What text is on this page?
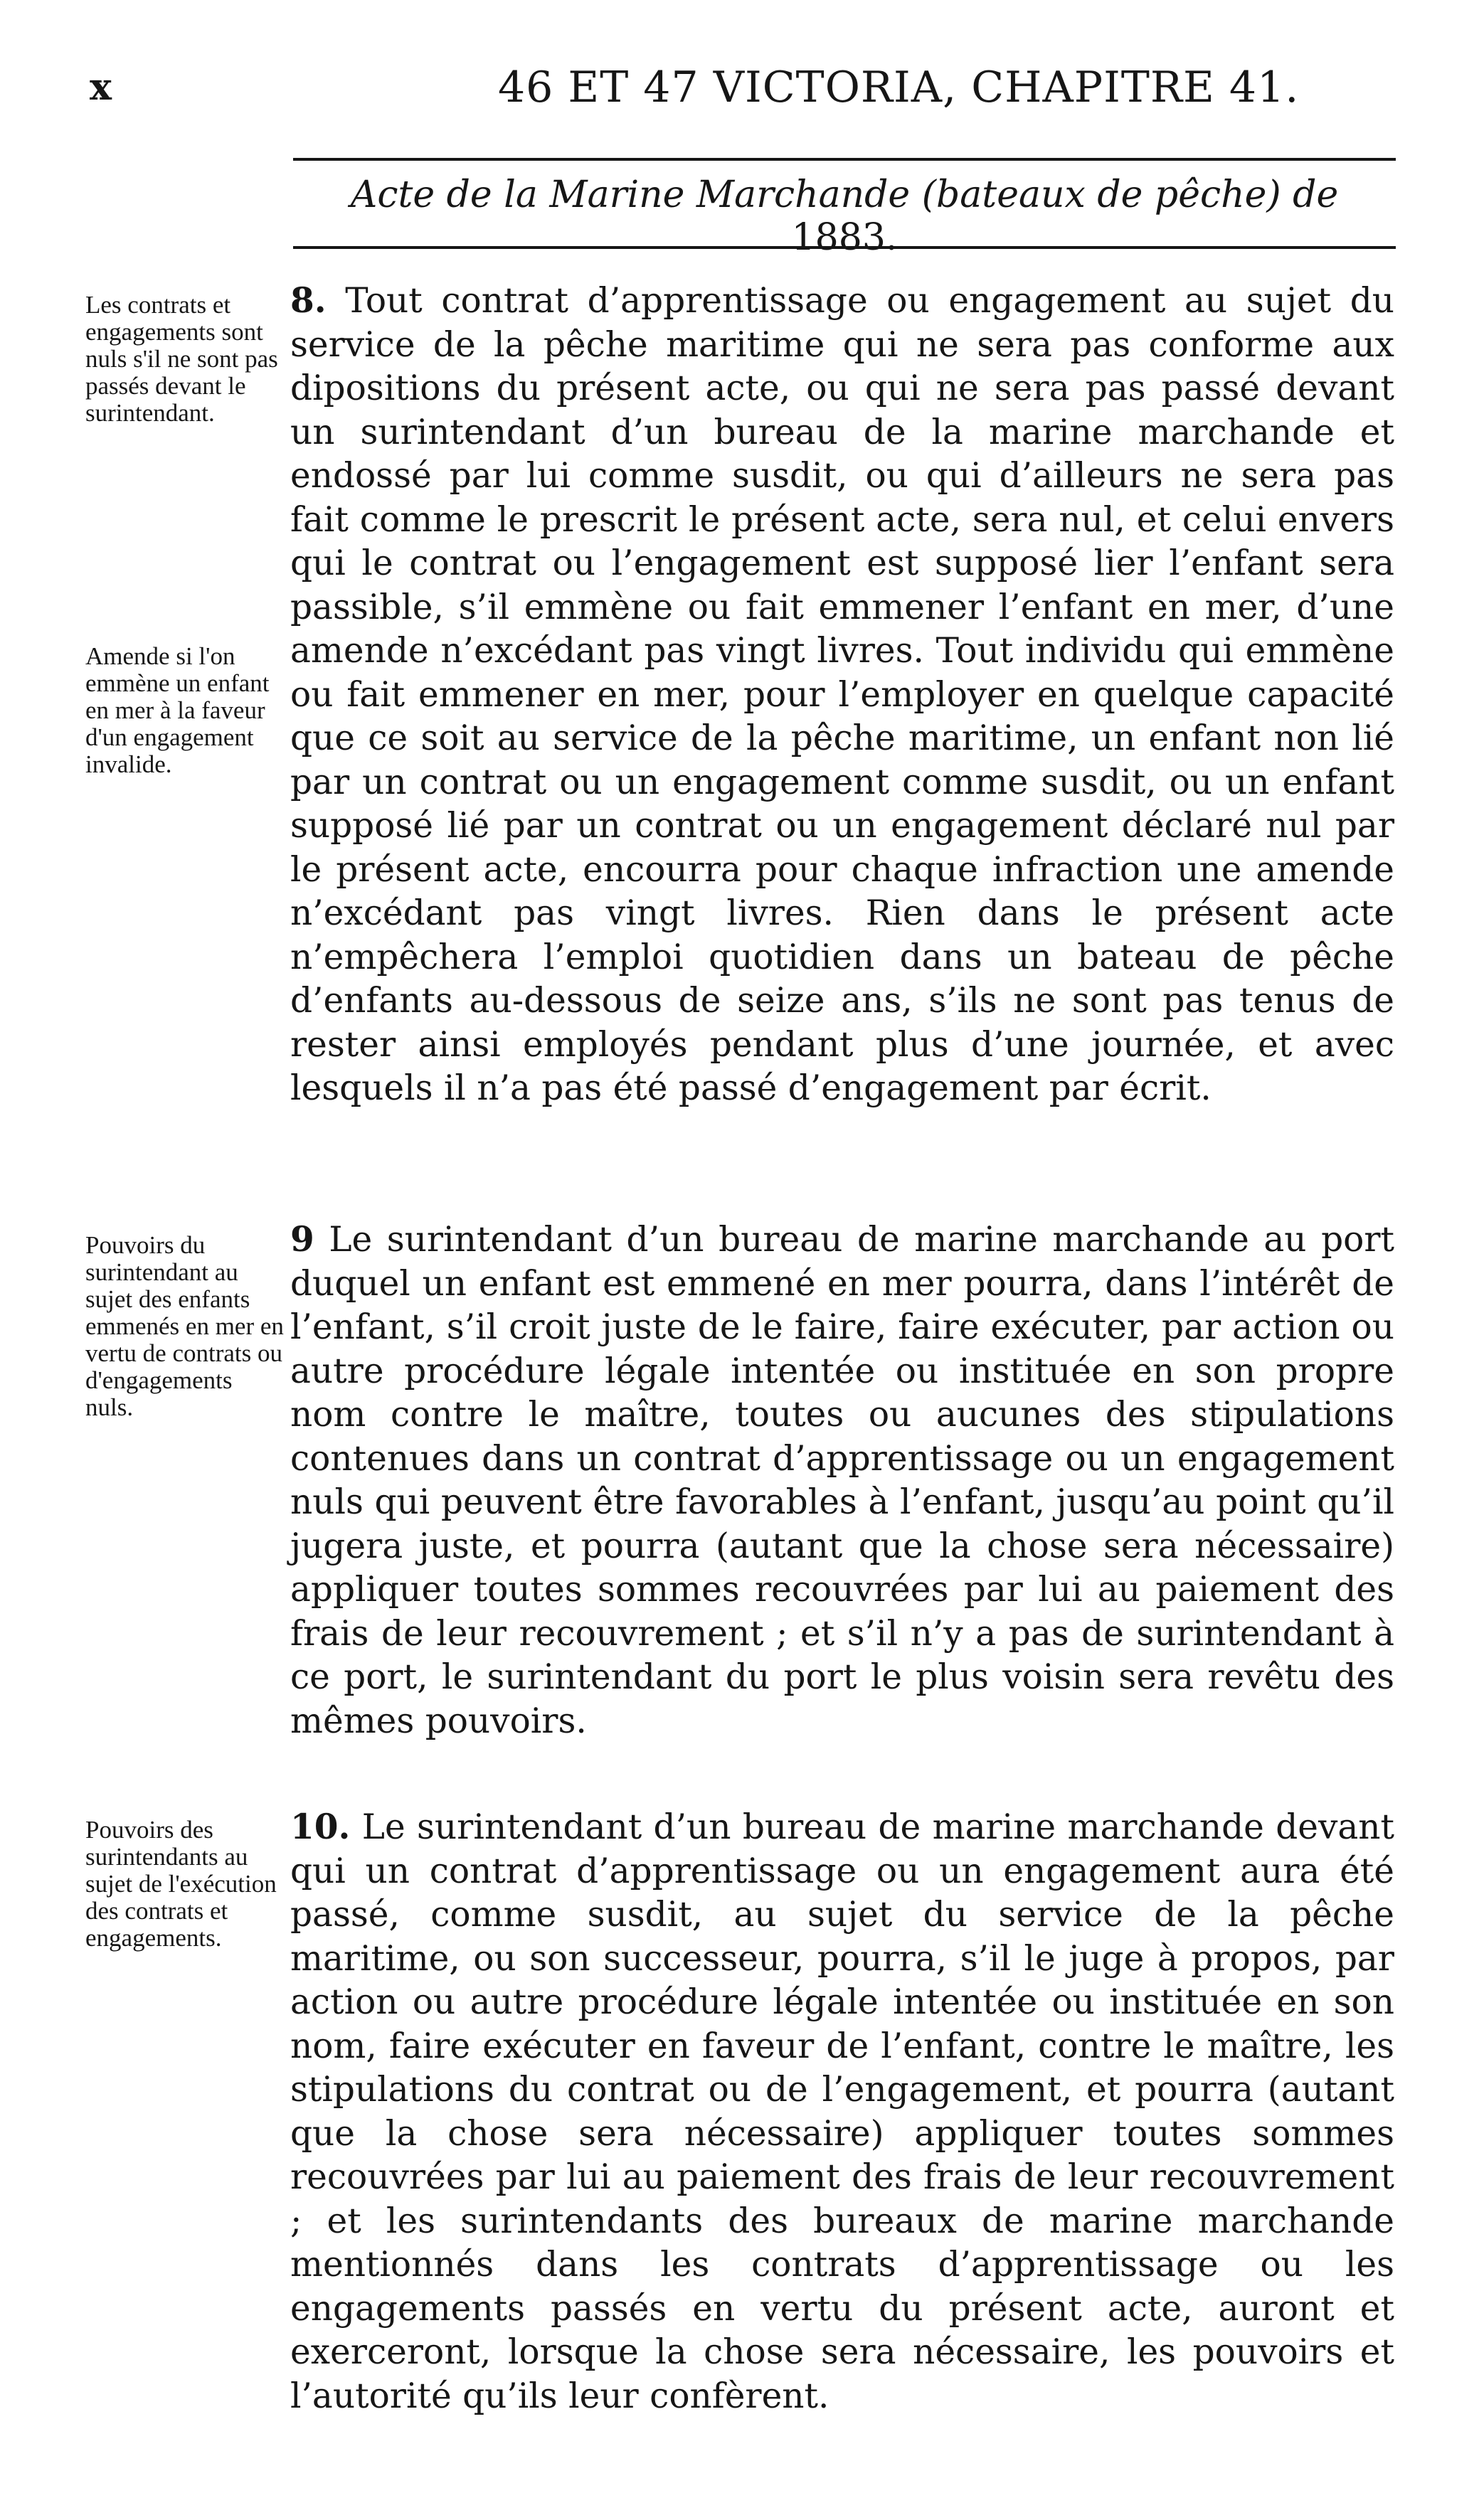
x	46 ET 47 VICTORIA, CHAPITRE 41.
Acte de la Marine Marchande (bateaux de pêche) de 1883.
Les contrats et engagements sont nuls s'il ne sont pas passés devant le surintendant.
Amende si l'on emmène un enfant en mer à la faveur d'un engagement invalide.
8. Tout contrat d’apprentissage ou engagement au sujet du service de la pêche maritime qui ne sera pas conforme aux dipositions du présent acte, ou qui ne sera pas passé devant un surintendant d’un bureau de la marine marchande et endossé par lui comme susdit, ou qui d’ailleurs ne sera pas fait comme le prescrit le présent acte, sera nul, et celui envers qui le contrat ou l’engagement est supposé lier l’enfant sera passible, s’il emmène ou fait emmener l’enfant en mer, d’une amende n’excédant pas vingt livres. Tout individu qui emmène ou fait emmener en mer, pour l’employer en quelque capacité que ce soit au service de la pêche maritime, un enfant non lié par un contrat ou un engagement comme susdit, ou un enfant supposé lié par un contrat ou un engagement déclaré nul par le présent acte, encourra pour chaque infraction une amende n’excédant pas vingt livres. Rien dans le présent acte n’empêchera l’emploi quotidien dans un bateau de pêche d’enfants au-dessous de seize ans, s’ils ne sont pas tenus de rester ainsi employés pendant plus d’une journée, et avec lesquels il n’a pas été passé d’engagement par écrit.
Pouvoirs du surintendant au sujet des enfants emmenés en mer en vertu de contrats ou d'engagements nuls.
9 Le surintendant d’un bureau de marine marchande au port duquel un enfant est emmené en mer pourra, dans l’intérêt de l’enfant, s’il croit juste de le faire, faire exécuter, par action ou autre procédure légale intentée ou instituée en son propre nom contre le maître, toutes ou aucunes des stipulations contenues dans un contrat d’apprentissage ou un engagement nuls qui peuvent être favorables à l’enfant, jusqu’au point qu’il jugera juste, et pourra (autant que la chose sera nécessaire) appliquer toutes sommes recouvrées par lui au paiement des frais de leur recouvrement ; et s’il n’y a pas de surintendant à ce port, le surintendant du port le plus voisin sera revêtu des mêmes pouvoirs.
Pouvoirs des surintendants au sujet de l'exécution des contrats et engagements.
10. Le surintendant d’un bureau de marine marchande devant qui un contrat d’apprentissage ou un engagement aura été passé, comme susdit, au sujet du service de la pêche maritime, ou son successeur, pourra, s’il le juge à propos, par action ou autre procédure légale intentée ou instituée en son nom, faire exécuter en faveur de l’enfant, contre le maître, les stipulations du contrat ou de l’engagement, et pourra (autant que la chose sera nécessaire) appliquer toutes sommes recouvrées par lui au paiement des frais de leur recouvrement ; et les surintendants des bureaux de marine marchande mentionnés dans les contrats d’apprentissage ou les engagements passés en vertu du présent acte, auront et exerceront, lorsque la chose sera nécessaire, les pouvoirs et l’autorité qu’ils leur confèrent.
